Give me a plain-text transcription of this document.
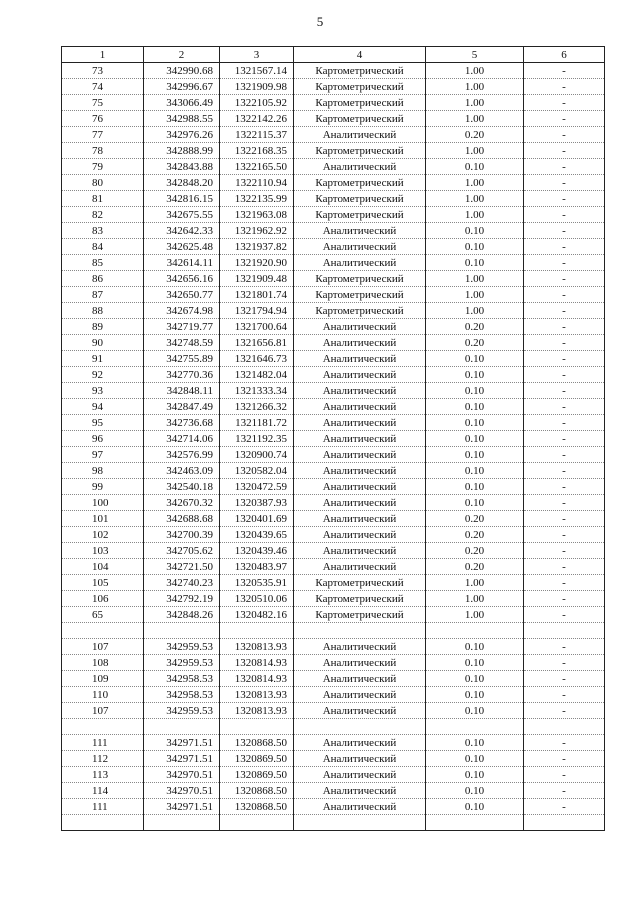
5
1	2	3	4	5	6
73	342990.68	1321567.14	Картометрический	1.00	-
74	342996.67	1321909.98	Картометрический	1.00	-
75	343066.49	1322105.92	Картометрический	1.00	-
76	342988.55	1322142.26	Картометрический	1.00	-
77	342976.26	1322115.37	Аналитический	0.20	-
78	342888.99	1322168.35	Картометрический	1.00	-
79	342843.88	1322165.50	Аналитический	0.10	-
80	342848.20	1322110.94	Картометрический	1.00	-
81	342816.15	1322135.99	Картометрический	1.00	-
82	342675.55	1321963.08	Картометрический	1.00	-
83	342642.33	1321962.92	Аналитический	0.10	-
84	342625.48	1321937.82	Аналитический	0.10	-
85	342614.11	1321920.90	Аналитический	0.10	-
86	342656.16	1321909.48	Картометрический	1.00	-
87	342650.77	1321801.74	Картометрический	1.00	-
88	342674.98	1321794.94	Картометрический	1.00	-
89	342719.77	1321700.64	Аналитический	0.20	-
90	342748.59	1321656.81	Аналитический	0.20	-
91	342755.89	1321646.73	Аналитический	0.10	-
92	342770.36	1321482.04	Аналитический	0.10	-
93	342848.11	1321333.34	Аналитический	0.10	-
94	342847.49	1321266.32	Аналитический	0.10	-
95	342736.68	1321181.72	Аналитический	0.10	-
96	342714.06	1321192.35	Аналитический	0.10	-
97	342576.99	1320900.74	Аналитический	0.10	-
98	342463.09	1320582.04	Аналитический	0.10	-
99	342540.18	1320472.59	Аналитический	0.10	-
100	342670.32	1320387.93	Аналитический	0.10	-
101	342688.68	1320401.69	Аналитический	0.20	-
102	342700.39	1320439.65	Аналитический	0.20	-
103	342705.62	1320439.46	Аналитический	0.20	-
104	342721.50	1320483.97	Аналитический	0.20	-
105	342740.23	1320535.91	Картометрический	1.00	-
106	342792.19	1320510.06	Картометрический	1.00	-
65	342848.26	1320482.16	Картометрический	1.00	-

107	342959.53	1320813.93	Аналитический	0.10	-
108	342959.53	1320814.93	Аналитический	0.10	-
109	342958.53	1320814.93	Аналитический	0.10	-
110	342958.53	1320813.93	Аналитический	0.10	-
107	342959.53	1320813.93	Аналитический	0.10	-

111	342971.51	1320868.50	Аналитический	0.10	-
112	342971.51	1320869.50	Аналитический	0.10	-
113	342970.51	1320869.50	Аналитический	0.10	-
114	342970.51	1320868.50	Аналитический	0.10	-
111	342971.51	1320868.50	Аналитический	0.10	-
